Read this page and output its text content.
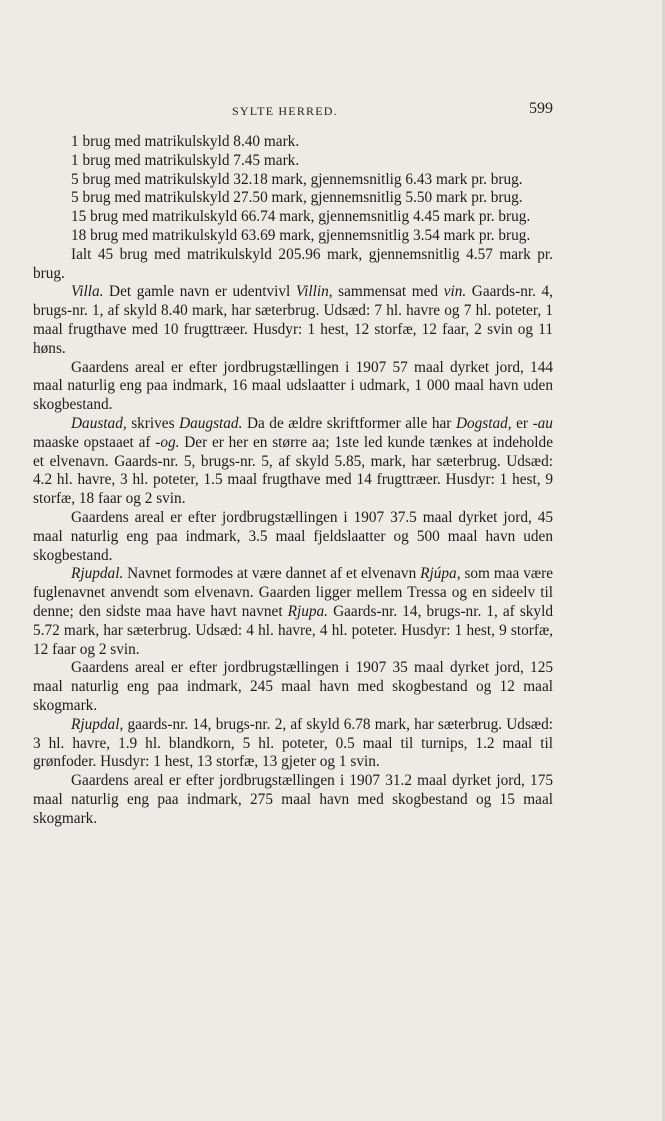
SYLTE HERRED.	599

1 brug med matrikulskyld 8.40 mark.

1 brug med matrikulskyld 7.45 mark.

5 brug med matrikulskyld 32.18 mark, gjennemsnitlig 6.43 mark pr. brug.

5 brug med matrikulskyld 27.50 mark, gjennemsnitlig 5.50 mark pr. brug.

15 brug med matrikulskyld 66.74 mark, gjennemsnitlig 4.45 mark pr. brug.

18 brug med matrikulskyld 63.69 mark, gjennemsnitlig 3.54 mark pr. brug.

Ialt 45 brug med matrikulskyld 205.96 mark, gjennemsnitlig 4.57 mark pr. brug.

Villa. Det gamle navn er udentvivl Villin, sammensat med vin. Gaards-nr. 4, brugs-nr. 1, af skyld 8.40 mark, har sæterbrug. Udsæd: 7 hl. havre og 7 hl. poteter, 1 maal frugthave med 10 frugttræer. Husdyr: 1 hest, 12 storfæ, 12 faar, 2 svin og 11 høns.

Gaardens areal er efter jordbrugstællingen i 1907 57 maal dyrket jord, 144 maal naturlig eng paa indmark, 16 maal udslaatter i udmark, 1 000 maal havn uden skogbestand.

Daustad, skrives Daugstad. Da de ældre skriftformer alle har Dogstad, er -au maaske opstaaet af -og. Der er her en større aa; 1ste led kunde tænkes at indeholde et elvenavn. Gaards-nr. 5, brugs-nr. 5, af skyld 5.85, mark, har sæterbrug. Udsæd: 4.2 hl. havre, 3 hl. poteter, 1.5 maal frugthave med 14 frugttræer. Husdyr: 1 hest, 9 storfæ, 18 faar og 2 svin.

Gaardens areal er efter jordbrugstællingen i 1907 37.5 maal dyrket jord, 45 maal naturlig eng paa indmark, 3.5 maal fjeldslaatter og 500 maal havn uden skogbestand.

Rjupdal. Navnet formodes at være dannet af et elvenavn Rjúpa, som maa være fuglenavnet anvendt som elvenavn. Gaarden ligger mellem Tressa og en sideelv til denne; den sidste maa have havt navnet Rjupa. Gaards-nr. 14, brugs-nr. 1, af skyld 5.72 mark, har sæterbrug. Udsæd: 4 hl. havre, 4 hl. poteter. Husdyr: 1 hest, 9 storfæ, 12 faar og 2 svin.

Gaardens areal er efter jordbrugstællingen i 1907 35 maal dyrket jord, 125 maal naturlig eng paa indmark, 245 maal havn med skogbestand og 12 maal skogmark.

Rjupdal, gaards-nr. 14, brugs-nr. 2, af skyld 6.78 mark, har sæterbrug. Udsæd: 3 hl. havre, 1.9 hl. blandkorn, 5 hl. poteter, 0.5 maal til turnips, 1.2 maal til grønfoder. Husdyr: 1 hest, 13 storfæ, 13 gjeter og 1 svin.

Gaardens areal er efter jordbrugstællingen i 1907 31.2 maal dyrket jord, 175 maal naturlig eng paa indmark, 275 maal havn med skogbestand og 15 maal skogmark.
